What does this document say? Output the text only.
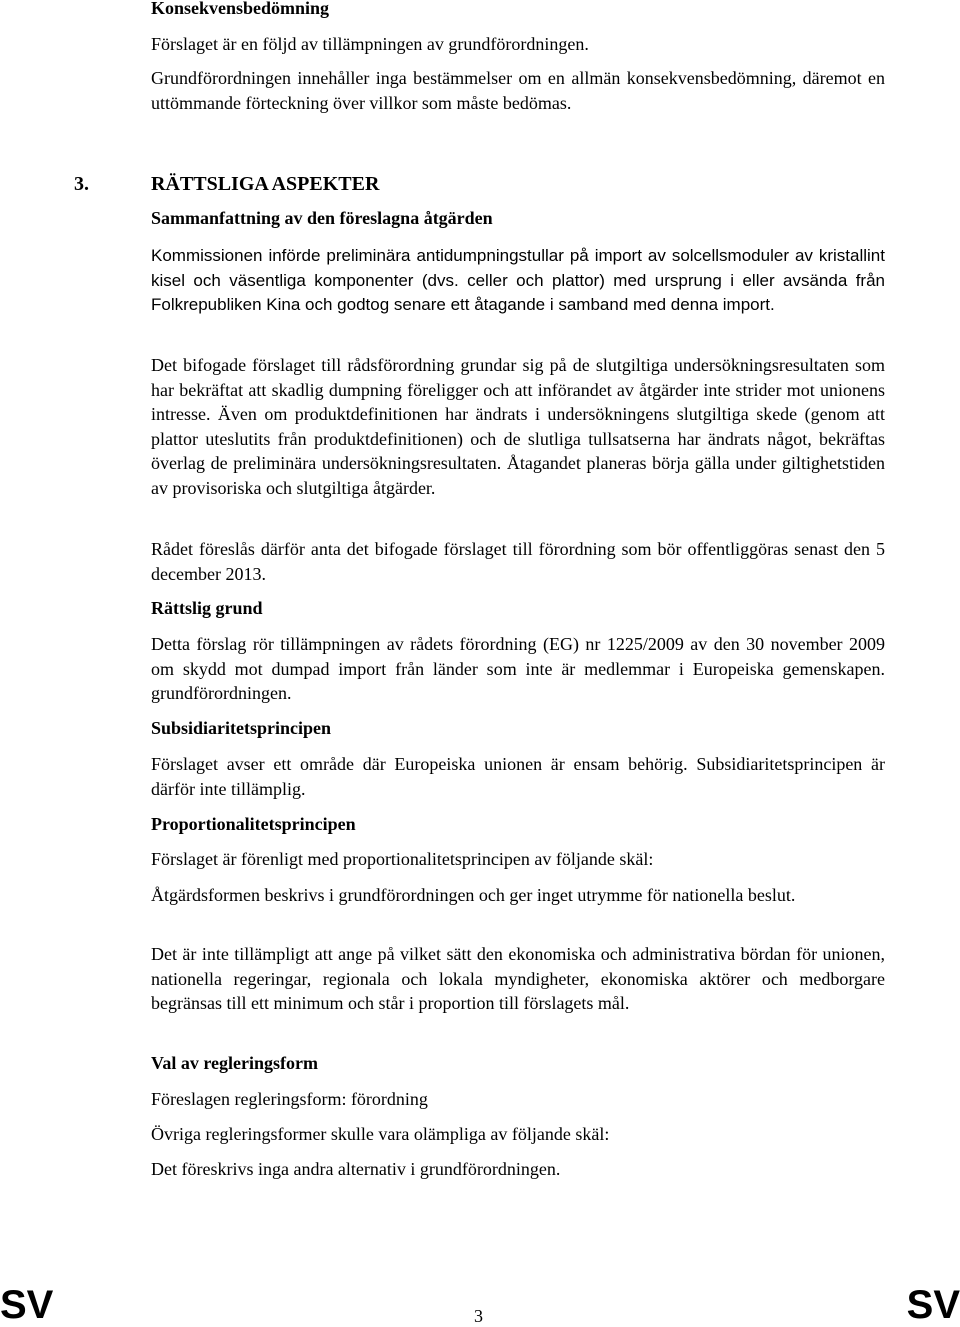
Konsekvensbedömning

Förslaget är en följd av tillämpningen av grundförordningen.

Grundförordningen innehåller inga bestämmelser om en allmän konsekvensbedömning, däremot en uttömmande förteckning över villkor som måste bedömas.

Sammanfattning av den föreslagna åtgärden

Kommissionen införde preliminära antidumpningstullar på import av solcellsmoduler av kristallint kisel och väsentliga komponenter (dvs. celler och plattor) med ursprung i eller avsända från Folkrepubliken Kina och godtog senare ett åtagande i samband med denna import.

Det bifogade förslaget till rådsförordning grundar sig på de slutgiltiga undersökningsresultaten som har bekräftat att skadlig dumpning föreligger och att införandet av åtgärder inte strider mot unionens intresse. Även om produktdefinitionen har ändrats i undersökningens slutgiltiga skede (genom att plattor uteslutits från produktdefinitionen) och de slutliga tullsatserna har ändrats något, bekräftas överlag de preliminära undersökningsresultaten. Åtagandet planeras börja gälla under giltighetstiden av provisoriska och slutgiltiga åtgärder.

Rådet föreslås därför anta det bifogade förslaget till förordning som bör offentliggöras senast den 5 december 2013.

Rättslig grund

Detta förslag rör tillämpningen av rådets förordning (EG) nr 1225/2009 av den 30 november 2009 om skydd mot dumpad import från länder som inte är medlemmar i Europeiska gemenskapen. grundförordningen.

Subsidiaritetsprincipen

Förslaget avser ett område där Europeiska unionen är ensam behörig. Subsidiaritetsprincipen är därför inte tillämplig.

Proportionalitetsprincipen

Förslaget är förenligt med proportionalitetsprincipen av följande skäl:

Åtgärdsformen beskrivs i grundförordningen och ger inget utrymme för nationella beslut.

Det är inte tillämpligt att ange på vilket sätt den ekonomiska och administrativa bördan för unionen, nationella regeringar, regionala och lokala myndigheter, ekonomiska aktörer och medborgare begränsas till ett minimum och står i proportion till förslagets mål.

Val av regleringsform

Föreslagen regleringsform: förordning

Övriga regleringsformer skulle vara olämpliga av följande skäl:

Det föreskrivs inga andra alternativ i grundförordningen.

3.	RÄTTSLIGA ASPEKTER
SV	3	SV
